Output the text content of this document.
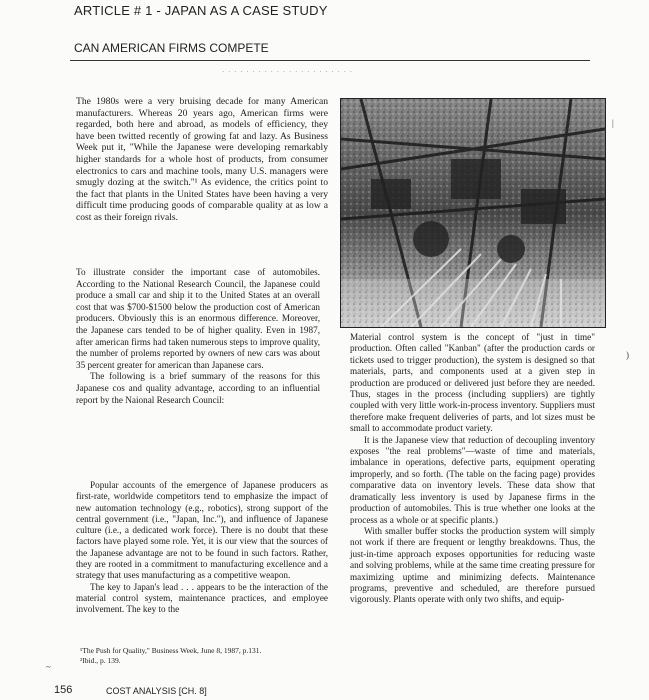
ARTICLE # 1 - JAPAN AS A CASE STUDY
CAN AMERICAN FIRMS COMPETE
· · · · · · · · · · · · · · · · · · · · · ·

The 1980s were a very bruising decade for many American manufacturers. Whereas 20 years ago, American firms were regarded, both here and abroad, as models of efficiency, they have been twitted recently of growing fat and lazy. As Business Week put it, "While the Japanese were developing remarkably higher standards for a whole host of products, from consumer electronics to cars and machine tools, many U.S. managers were smugly dozing at the switch."¹ As evidence, the critics point to the fact that plants in the United States have been having a very difficult time producing goods of comparable quality at as low a cost as their foreign rivals.

To illustrate consider the important case of automobiles. According to the National Research Council, the Japanese could produce a small car and ship it to the United States at an overall cost that was $700-$1500 below the production cost of American producers. Obviously this is an enormous difference. Moreover, the Japanese cars tended to be of higher quality. Even in 1987, after american firms had taken numerous steps to improve quality, the number of prolems reported by owners of new cars was about 35 percent greater for american than Japanese cars.

The following is a brief summary of the reasons for this Japanese cos and quality advantage, according to an influential report by the Naional Research Council:

Popular accounts of the emergence of Japanese producers as first-rate, worldwide competitors tend to emphasize the impact of new automation technology (e.g., robotics), strong support of the central government (i.e., "Japan, Inc."), and influence of Japanese culture (i.e., a dedicated work force). There is no doubt that these factors have played some role. Yet, it is our view that the sources of the Japanese advantage are not to be found in such factors. Rather, they are rooted in a commitment to manufacturing excellence and a strategy that uses manufacturing as a competitive weapon.

The key to Japan's lead . . . appears to be the interaction of the material control system, maintenance practices, and employee involvement. The key to the

Material control system is the concept of "just in time" production. Often called "Kanban" (after the production cards or tickets used to trigger production), the system is designed so that materials, parts, and components used at a given step in production are produced or delivered just before they are needed. Thus, stages in the process (including suppliers) are tightly coupled with very little work-in-process inventory. Suppliers must therefore make frequent deliveries of parts, and lot sizes must be small to accommodate product variety.

It is the Japanese view that reduction of decoupling inventory exposes "the real problems"—waste of time and materials, imbalance in operations, defective parts, equipment operating improperly, and so forth. (The table on the facing page) provides comparative data on inventory levels. These data show that dramatically less inventory is used by Japanese firms in the production of automobiles. This is true whether one looks at the process as a whole or at specific plants.)

With smaller buffer stocks the production system will simply not work if there are frequent or lengthy breakdowns. Thus, the just-in-time approach exposes opportunities for reducing waste and solving problems, while at the same time creating pressure for maximizing uptime and minimizing defects. Maintenance programs, preventive and scheduled, are therefore pursued vigorously. Plants operate with only two shifts, and equip-

¹The Push for Quality," Business Week, June 8, 1987, p.131.
²Ibid., p. 139.
~
)
|
156	COST ANALYSIS [CH. 8]
